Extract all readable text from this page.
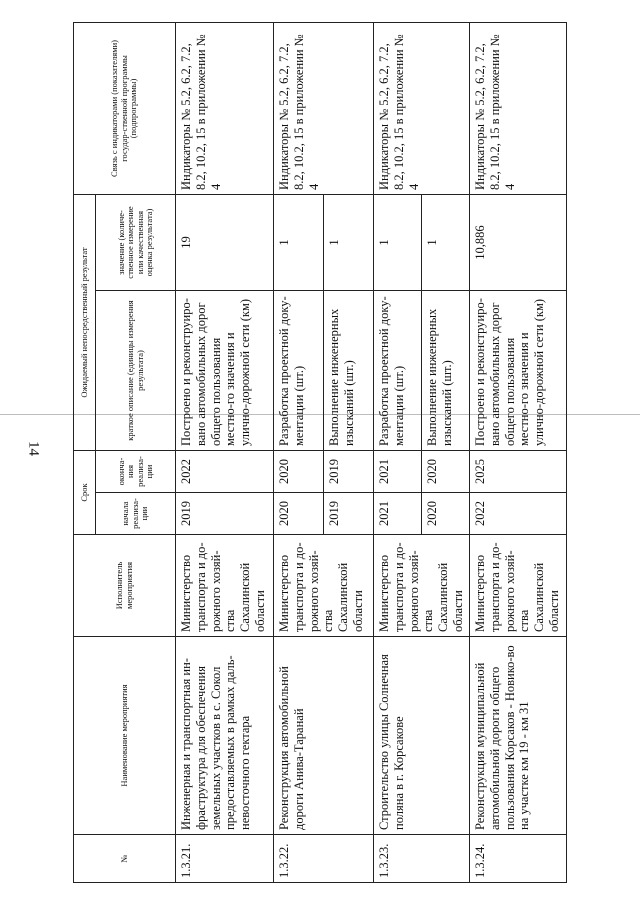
14
№	Наименование мероприятия	Исполнитель мероприятия	Срок		Ожидаемый непосредственный результат		Связь с индикаторами (показателями) государ-ственной программы (подпрограммы)
			начала реализа-ции	оконча-ния реализа-ции	краткое описание (единицы измерения результата)	значение (количе-ственное измерение или качественная оценка результата)	
1.3.21.	Инженерная и транспортная ин-фраструктура для обеспечения земельных участков в с. Сокол предоставляемых в рамках даль-невосточного гектара	Министерство транспорта и до-рожного хозяй-ства Сахалинской области	2019	2022	Построено и реконструиро-вано автомобильных дорог общего пользования местно-го значения и улично-дорожной сети (км)	19	Индикаторы № 5.2, 6.2, 7.2, 8.2, 10.2, 15 в приложении № 4
1.3.22.	Реконструкция автомобильной дороги Анива-Таранай	Министерство транспорта и до-рожного хозяй-ства Сахалинской области	2020	2020	Разработка проектной доку-ментации (шт.)	1	Индикаторы № 5.2, 6.2, 7.2, 8.2, 10.2, 15 в приложении № 4
			2019	2019	Выполнение инженерных изысканий (шт.)	1	
1.3.23.	Строительство улицы Солнечная поляна в г. Корсакове	Министерство транспорта и до-рожного хозяй-ства Сахалинской области	2021	2021	Разработка проектной доку-ментации (шт.)	1	Индикаторы № 5.2, 6.2, 7.2, 8.2, 10.2, 15 в приложении № 4
			2020	2020	Выполнение инженерных изысканий (шт.)	1	
1.3.24.	Реконструкция муниципальной автомобильной дороги общего пользования Корсаков - Новико-во на участке км 19 - км 31	Министерство транспорта и до-рожного хозяй-ства Сахалинской области	2022	2025	Построено и реконструиро-вано автомобильных дорог общего пользования местно-го значения и улично-дорожной сети (км)	10,886	Индикаторы № 5.2, 6.2, 7.2, 8.2, 10.2, 15 в приложении № 4
